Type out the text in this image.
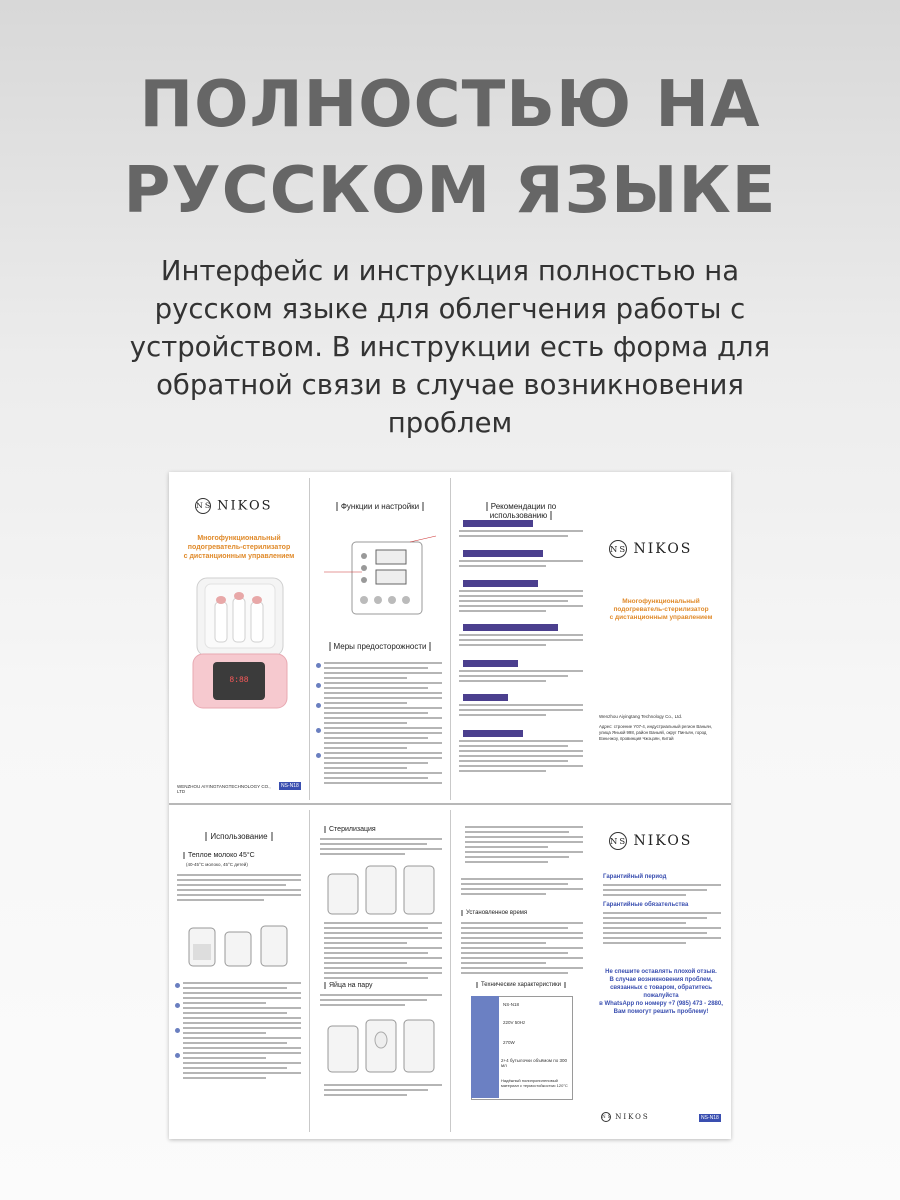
ПОЛНОСТЬЮ НА
РУССКОМ ЯЗЫКЕ
Интерфейс и инструкция полностью на
русском языке для облегчения работы с
устройством. В инструкции есть форма для
обратной связи в случае возникновения
проблем
NS NIKOS
Многофункциональный
подогреватель-стерилизатор
с дистанционным управлением
8:88
WENZHOU AIYINGTANGTECHNOLOGY CO., LTD
NS-N18
Функции и настройки
Меры предосторожности
Рекомендации по использованию
NS NIKOS
Многофункциональный
подогреватель-стерилизатор
с дистанционным управлением
Wenzhou Aiyingtang Technology Co., Ltd.
Адрес: строение Y07-4, индустриальный регион Ваньян, улица Яньюй 998, район Ваньяй, округ Пинъян, город Вэньчжоу, провинция Чжэцзян, Китай
Использование
Теплое молоко 45°C
(40-45°C молоко, 45°C детей)
Стерилизация
Яйца на пару
Установленное время
Технические характеристики
NS-N18
220V 50Hz
270W
2+4 бутылочки объёмом по 300 мл
Надёжный полипропиленовый материал с термостойкостью 120°С
NS NIKOS
Гарантийный период
Гарантийные обязательства
Не спешите оставлять плохой отзыв.
В случае возникновения проблем,
связанных с товаром, обратитесь пожалуйста
в WhatsApp по номеру +7 (985) 473 - 2880,
Вам помогут решить проблему!
NS NIKOS	NS-N18
